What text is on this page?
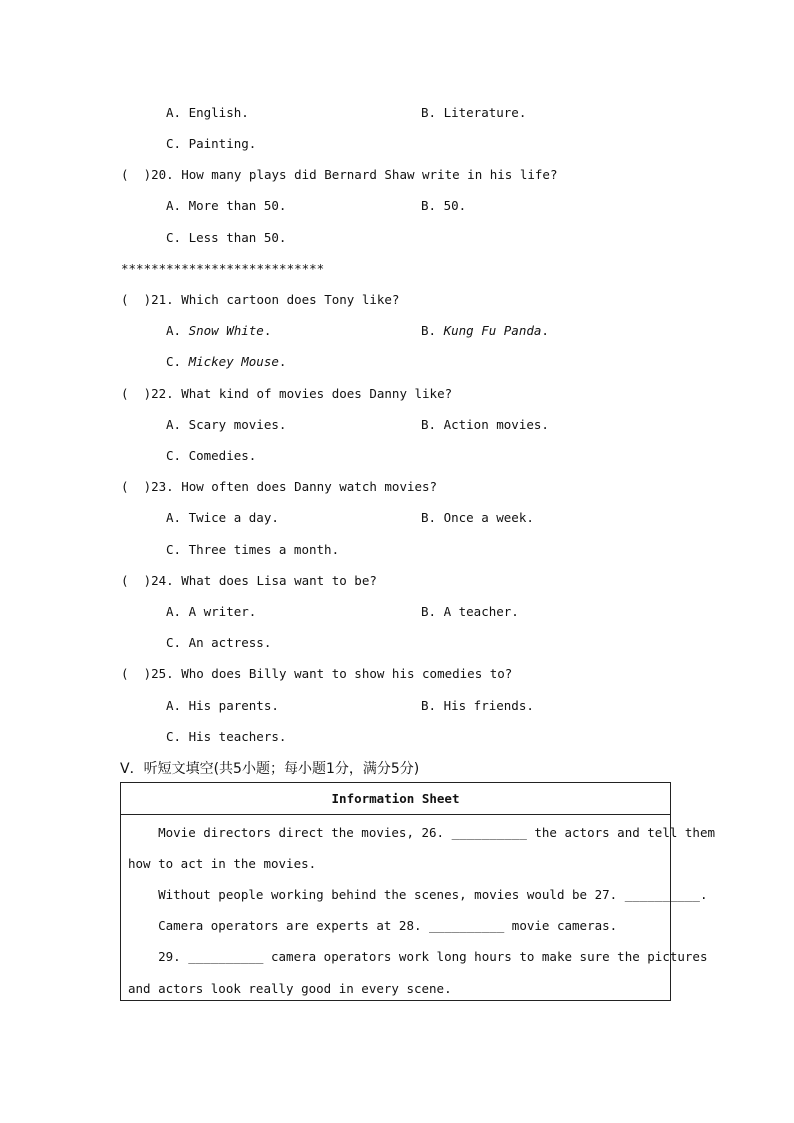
A. English.	B. Literature.
C. Painting.
(  )20. How many plays did Bernard Shaw write in his life?
A. More than 50.	B. 50.
C. Less than 50.
***************************
(  )21. Which cartoon does Tony like?
A. Snow White.	B. Kung Fu Panda.
C. Mickey Mouse.
(  )22. What kind of movies does Danny like?
A. Scary movies.	B. Action movies.
C. Comedies.
(  )23. How often does Danny watch movies?
A. Twice a day.	B. Once a week.
C. Three times a month.
(  )24. What does Lisa want to be?
A. A writer.	B. A teacher.
C. An actress.
(  )25. Who does Billy want to show his comedies to?
A. His parents.	B. His friends.
C. His teachers.
V．听短文填空(共5小题；每小题1分，满分5分)
Information Sheet
Movie directors direct the movies, 26. __________ the actors and tell them
how to act in the movies.
Without people working behind the scenes, movies would be 27. __________.
Camera operators are experts at 28. __________ movie cameras.
29. __________ camera operators work long hours to make sure the pictures
and actors look really good in every scene.
